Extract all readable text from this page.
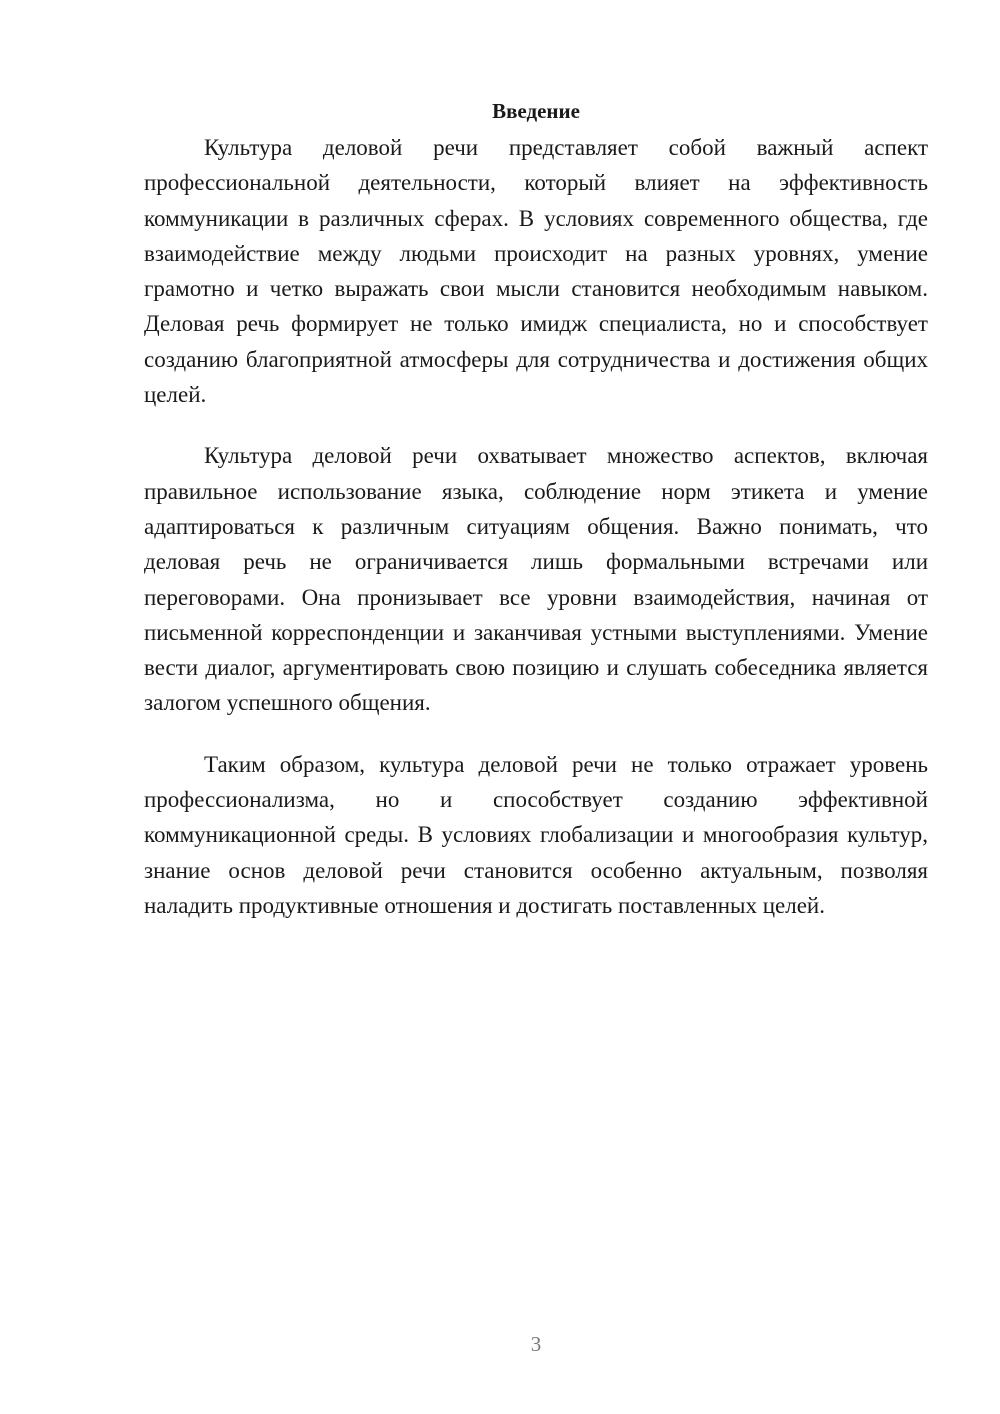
Введение

Культура деловой речи представляет собой важный аспект профессиональной деятельности, который влияет на эффективность коммуникации в различных сферах. В условиях современного общества, где взаимодействие между людьми происходит на разных уровнях, умение грамотно и четко выражать свои мысли становится необходимым навыком. Деловая речь формирует не только имидж специалиста, но и способствует созданию благоприятной атмосферы для сотрудничества и достижения общих целей.

Культура деловой речи охватывает множество аспектов, включая правильное использование языка, соблюдение норм этикета и умение адаптироваться к различным ситуациям общения. Важно понимать, что деловая речь не ограничивается лишь формальными встречами или переговорами. Она пронизывает все уровни взаимодействия, начиная от письменной корреспонденции и заканчивая устными выступлениями. Умение вести диалог, аргументировать свою позицию и слушать собеседника является залогом успешного общения.

Таким образом, культура деловой речи не только отражает уровень профессионализма, но и способствует созданию эффективной коммуникационной среды. В условиях глобализации и многообразия культур, знание основ деловой речи становится особенно актуальным, позволяя наладить продуктивные отношения и достигать поставленных целей.

3
